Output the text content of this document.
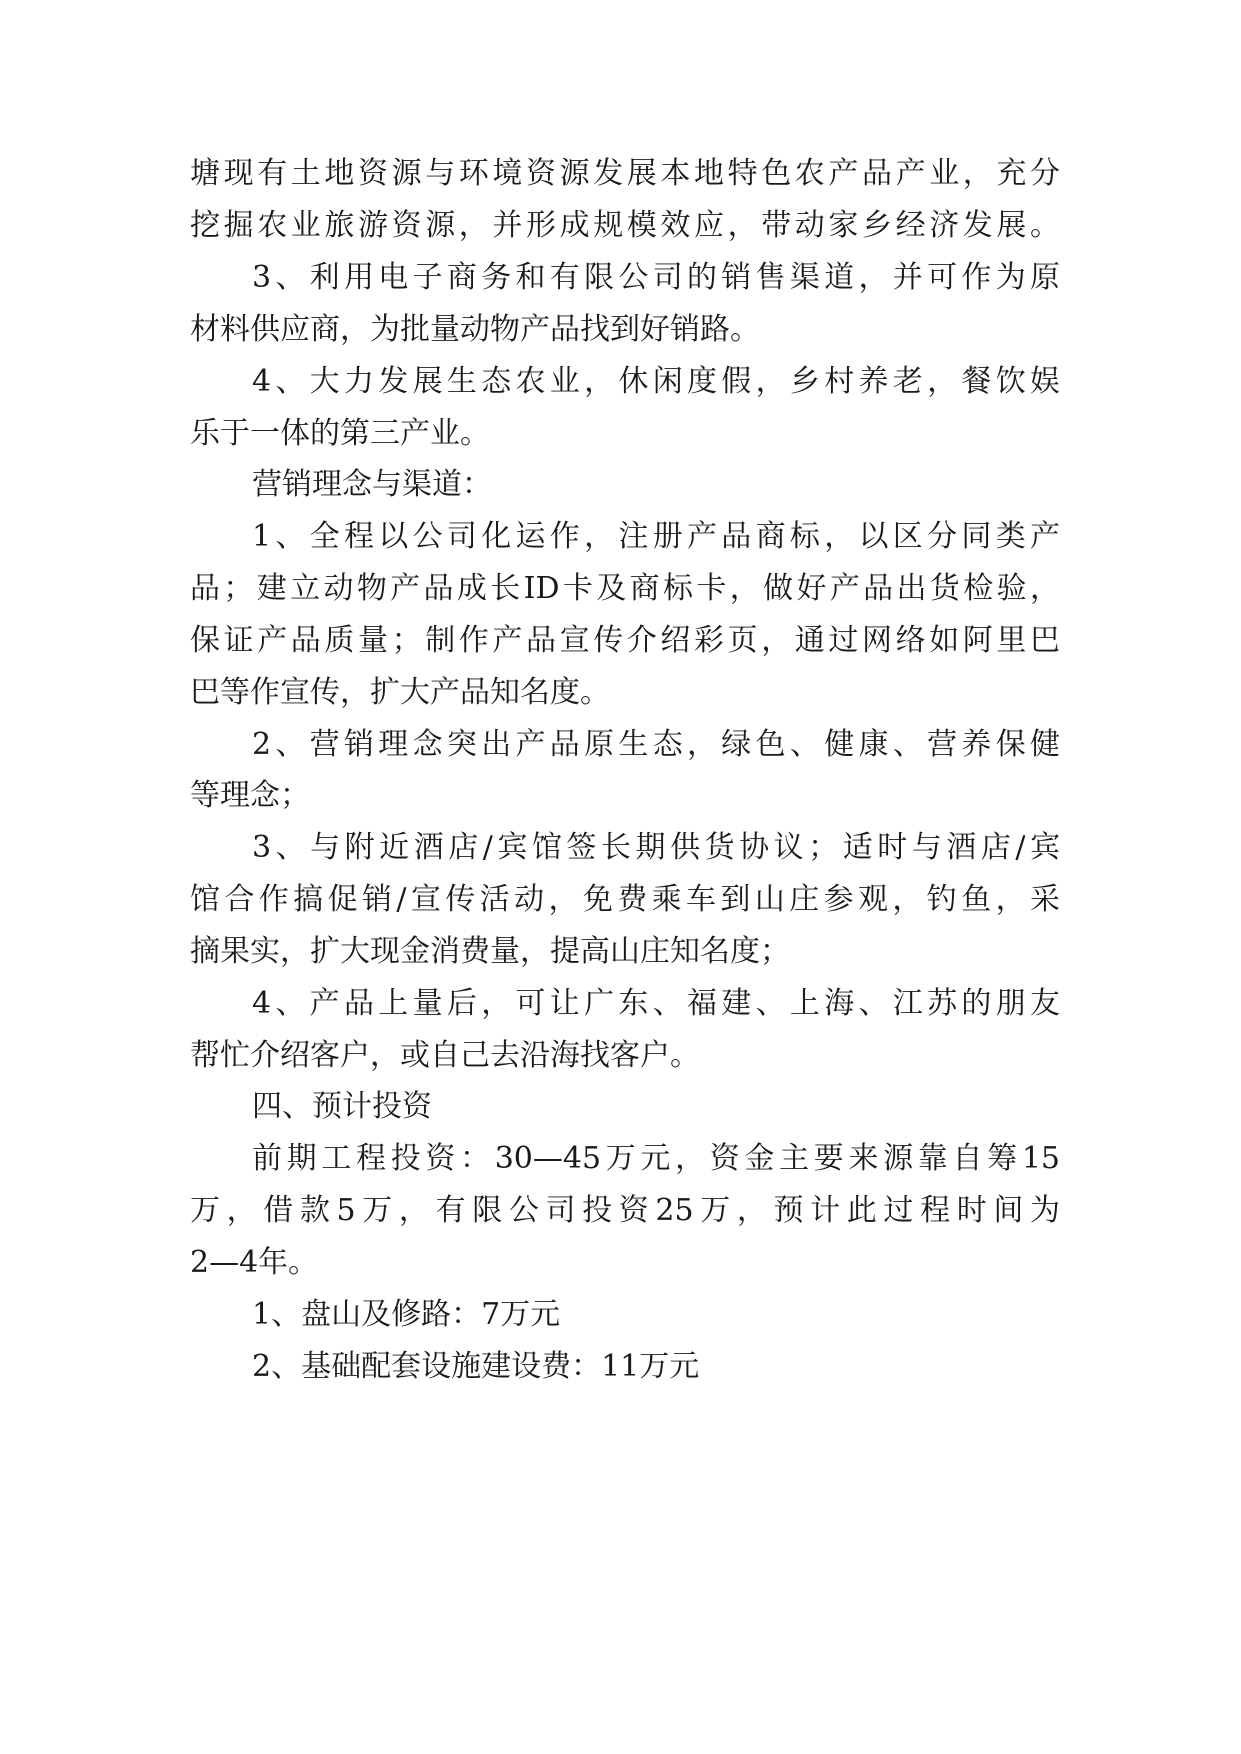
塘现有土地资源与环境资源发展本地特色农产品产业，充分
挖掘农业旅游资源，并形成规模效应，带动家乡经济发展。
3、利用电子商务和有限公司的销售渠道，并可作为原
材料供应商，为批量动物产品找到好销路。
4、大力发展生态农业，休闲度假，乡村养老，餐饮娱
乐于一体的第三产业。
营销理念与渠道：
1、全程以公司化运作，注册产品商标，以区分同类产
品；建立动物产品成长ID卡及商标卡，做好产品出货检验，
保证产品质量；制作产品宣传介绍彩页，通过网络如阿里巴
巴等作宣传，扩大产品知名度。
2、营销理念突出产品原生态，绿色、健康、营养保健
等理念；
3、与附近酒店/宾馆签长期供货协议；适时与酒店/宾
馆合作搞促销/宣传活动，免费乘车到山庄参观，钓鱼，采
摘果实，扩大现金消费量，提高山庄知名度；
4、产品上量后，可让广东、福建、上海、江苏的朋友
帮忙介绍客户，或自己去沿海找客户。
四、预计投资
前期工程投资：30—45万元，资金主要来源靠自筹15
万，借款5万，有限公司投资25万，预计此过程时间为
2—4年。
1、盘山及修路：7万元
2、基础配套设施建设费：11万元
